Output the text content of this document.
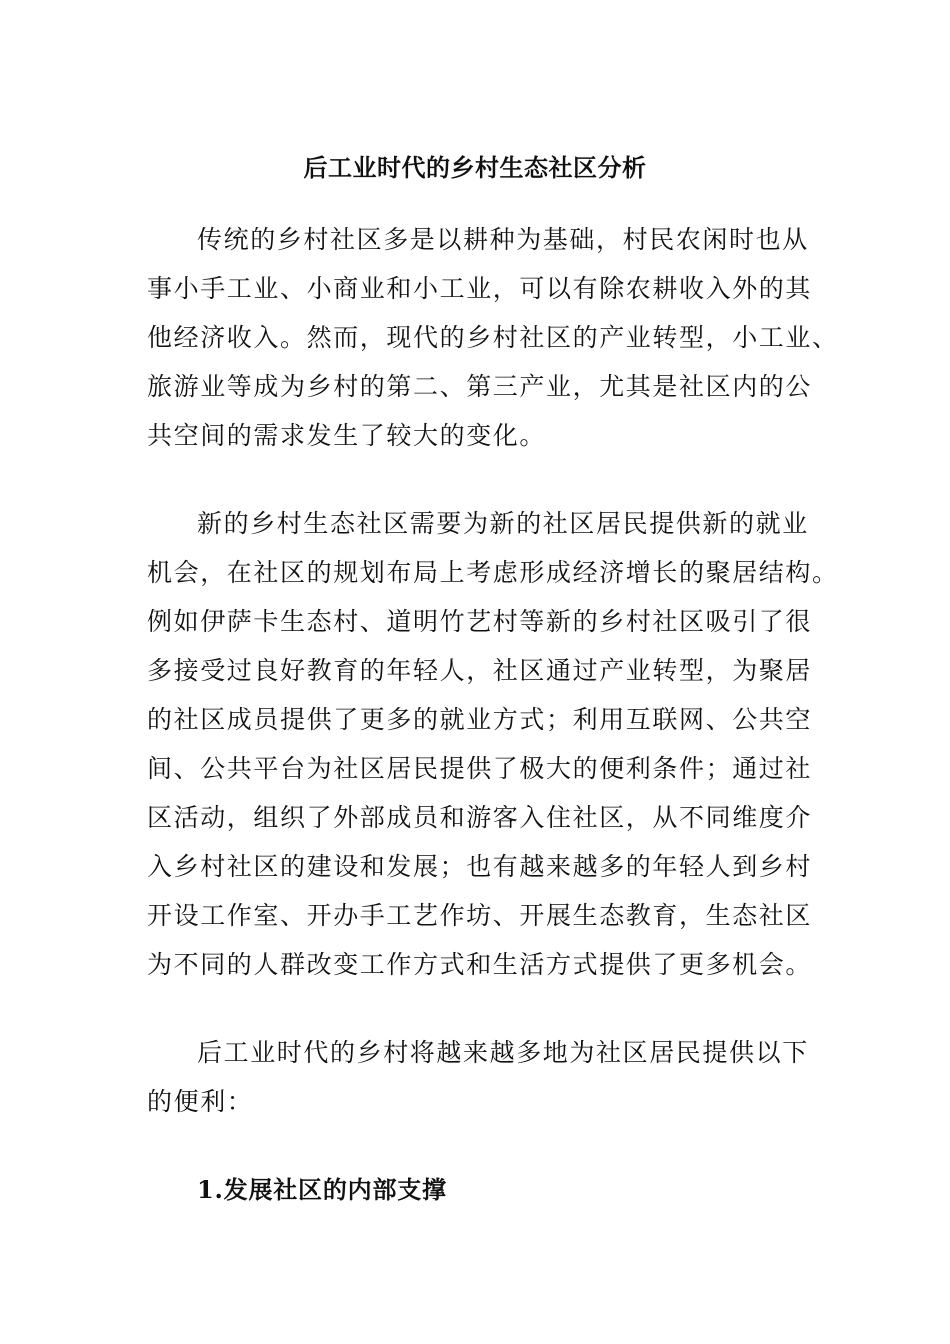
后工业时代的乡村生态社区分析

传统的乡村社区多是以耕种为基础，村民农闲时也从

事小手工业、小商业和小工业，可以有除农耕收入外的其

他经济收入。然而，现代的乡村社区的产业转型，小工业、

旅游业等成为乡村的第二、第三产业，尤其是社区内的公

共空间的需求发生了较大的变化。

新的乡村生态社区需要为新的社区居民提供新的就业

机会，在社区的规划布局上考虑形成经济增长的聚居结构。

例如伊萨卡生态村、道明竹艺村等新的乡村社区吸引了很

多接受过良好教育的年轻人，社区通过产业转型，为聚居

的社区成员提供了更多的就业方式；利用互联网、公共空

间、公共平台为社区居民提供了极大的便利条件；通过社

区活动，组织了外部成员和游客入住社区，从不同维度介

入乡村社区的建设和发展；也有越来越多的年轻人到乡村

开设工作室、开办手工艺作坊、开展生态教育，生态社区

为不同的人群改变工作方式和生活方式提供了更多机会。

后工业时代的乡村将越来越多地为社区居民提供以下

的便利：

1.发展社区的内部支撑
